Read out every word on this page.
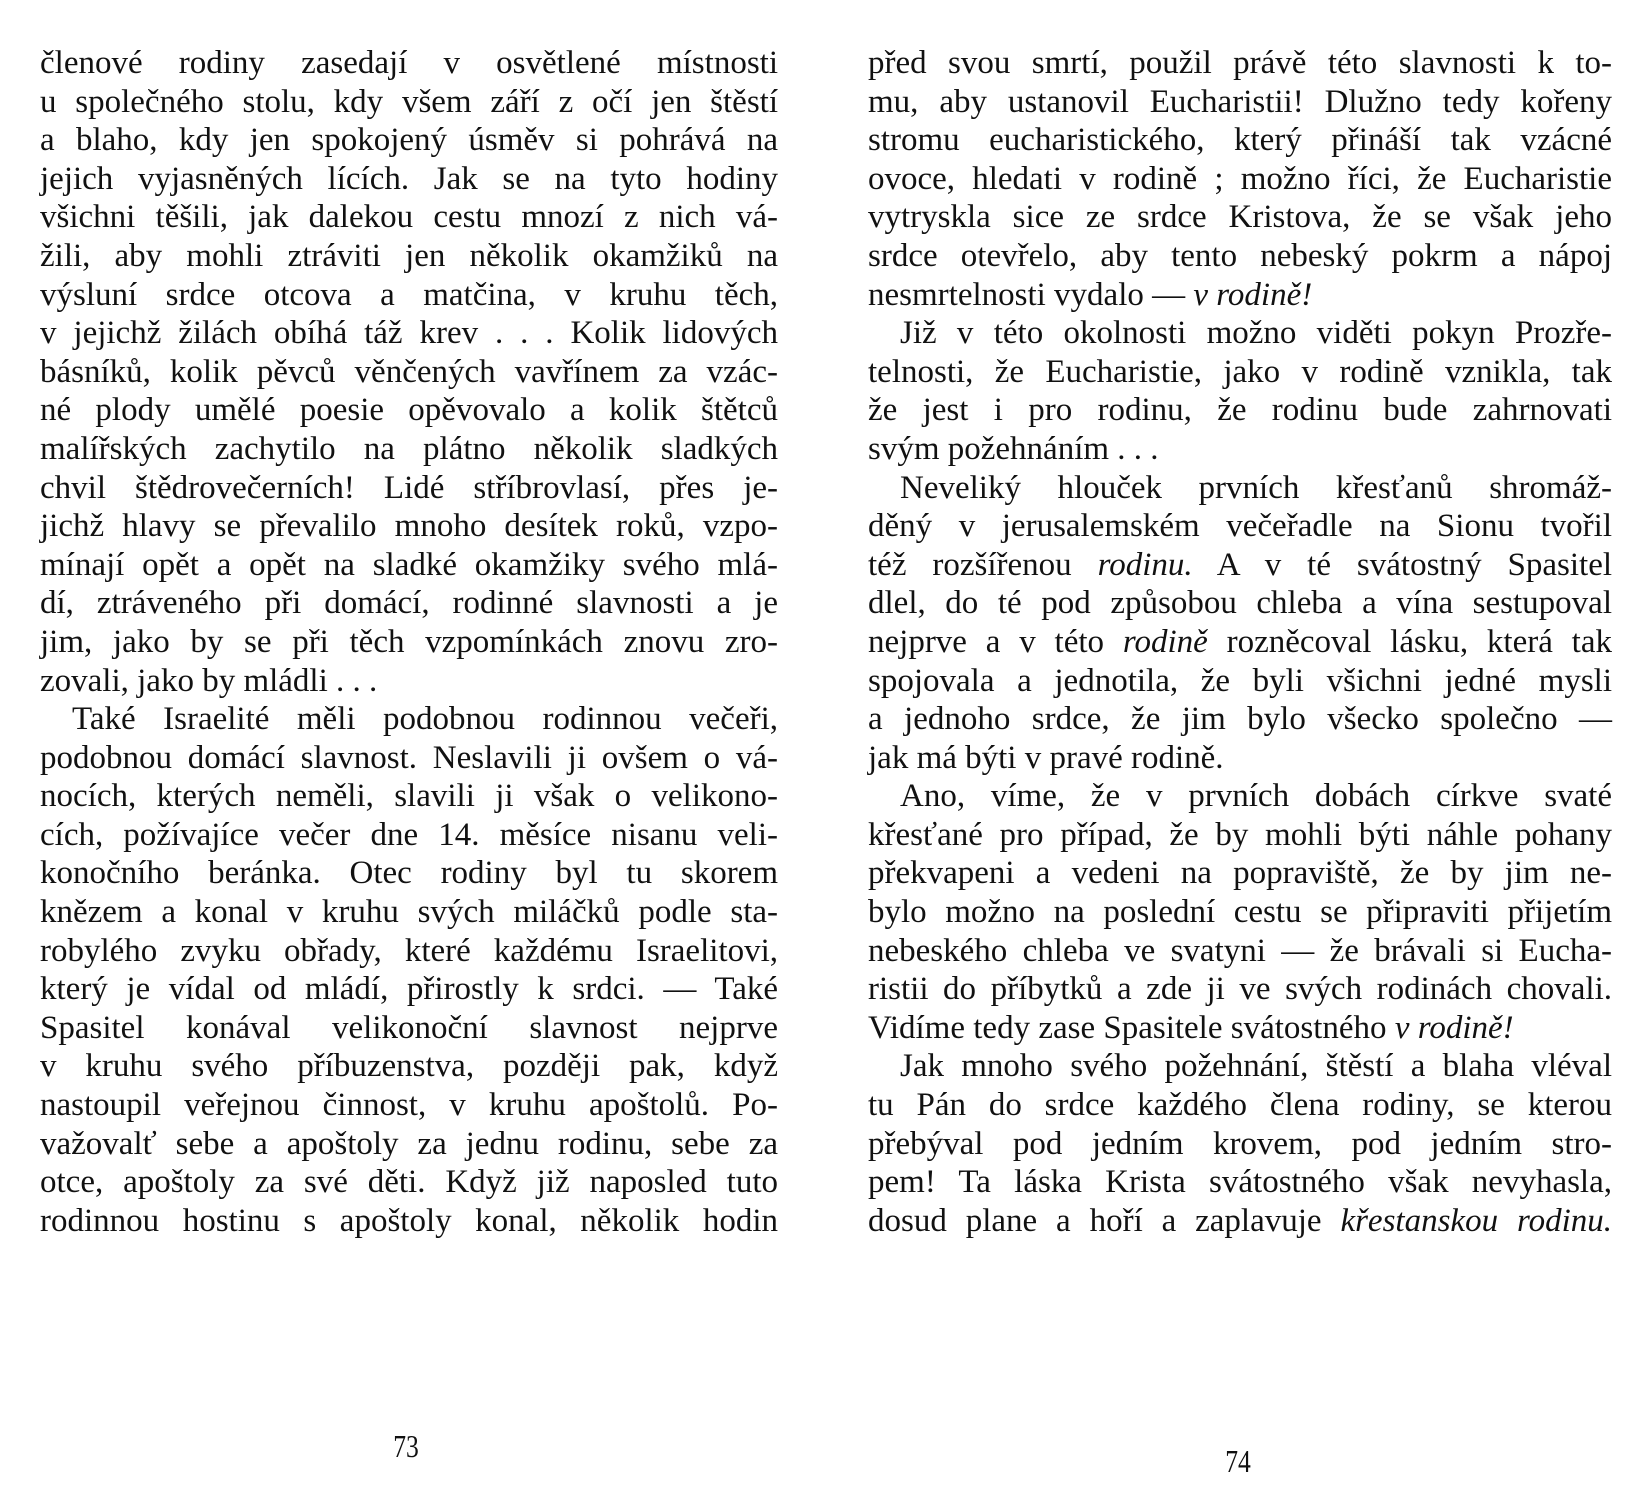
členové rodiny zasedají v osvětlené místnosti
u společného stolu, kdy všem září z očí jen štěstí
a blaho, kdy jen spokojený úsměv si pohrává na
jejich vyjasněných lících. Jak se na tyto hodiny
všichni těšili, jak dalekou cestu mnozí z nich vá-
žili, aby mohli ztráviti jen několik okamžiků na
výsluní srdce otcova a matčina, v kruhu těch,
v jejichž žilách obíhá táž krev . . . Kolik lidových
básníků, kolik pěvců věnčených vavřínem za vzác-
né plody umělé poesie opěvovalo a kolik štětců
malířských zachytilo na plátno několik sladkých
chvil štědrovečerních! Lidé stříbrovlasí, přes je-
jichž hlavy se převalilo mnoho desítek roků, vzpo-
mínají opět a opět na sladké okamžiky svého mlá-
dí, ztráveného při domácí, rodinné slavnosti a je
jim, jako by se při těch vzpomínkách znovu zro-
zovali, jako by mládli . . .
Také Israelité měli podobnou rodinnou večeři,
podobnou domácí slavnost. Neslavili ji ovšem o vá-
nocích, kterých neměli, slavili ji však o velikono-
cích, požívajíce večer dne 14. měsíce nisanu veli-
konočního beránka. Otec rodiny byl tu skorem
knězem a konal v kruhu svých miláčků podle sta-
robylého zvyku obřady, které každému Israelitovi,
který je vídal od mládí, přirostly k srdci. — Také
Spasitel konával velikonoční slavnost nejprve
v kruhu svého příbuzenstva, později pak, když
nastoupil veřejnou činnost, v kruhu apoštolů. Po-
važovalť sebe a apoštoly za jednu rodinu, sebe za
otce, apoštoly za své děti. Když již naposled tuto
rodinnou hostinu s apoštoly konal, několik hodin
před svou smrtí, použil právě této slavnosti k to-
mu, aby ustanovil Eucharistii! Dlužno tedy kořeny
stromu eucharistického, který přináší tak vzácné
ovoce, hledati v rodině ; možno říci, že Eucharistie
vytryskla sice ze srdce Kristova, že se však jeho
srdce otevřelo, aby tento nebeský pokrm a nápoj
nesmrtelnosti vydalo — v rodině!
Již v této okolnosti možno viděti pokyn Prozře-
telnosti, že Eucharistie, jako v rodině vznikla, tak
že jest i pro rodinu, že rodinu bude zahrnovati
svým požehnáním . . .
Neveliký hlouček prvních křesťanů shromáž-
děný v jerusalemském večeřadle na Sionu tvořil
též rozšířenou rodinu. A v té svátostný Spasitel
dlel, do té pod způsobou chleba a vína sestupoval
nejprve a v této rodině rozněcoval lásku, která tak
spojovala a jednotila, že byli všichni jedné mysli
a jednoho srdce, že jim bylo všecko společno —
jak má býti v pravé rodině.
Ano, víme, že v prvních dobách církve svaté
křesťané pro případ, že by mohli býti náhle pohany
překvapeni a vedeni na popraviště, že by jim ne-
bylo možno na poslední cestu se připraviti přijetím
nebeského chleba ve svatyni — že brávali si Eucha-
ristii do příbytků a zde ji ve svých rodinách chovali.
Vidíme tedy zase Spasitele svátostného v rodině!
Jak mnoho svého požehnání, štěstí a blaha vléval
tu Pán do srdce každého člena rodiny, se kterou
přebýval pod jedním krovem, pod jedním stro-
pem! Ta láska Krista svátostného však nevyhasla,
dosud plane a hoří a zaplavuje křestanskou rodinu.
73	74
